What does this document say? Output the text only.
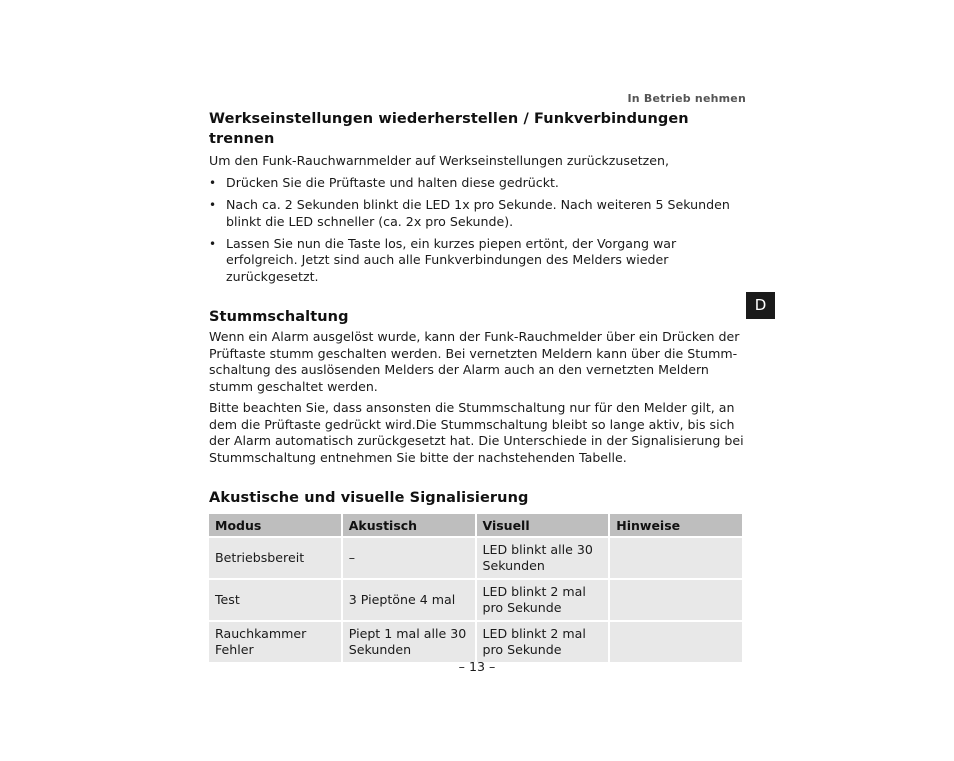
In Betrieb nehmen
D
Werkseinstellungen wiederherstellen / Funkverbindungen trennen

Um den Funk-Rauchwarnmelder auf Werkseinstellungen zurückzusetzen,

• Drücken Sie die Prüftaste und halten diese gedrückt.
• Nach ca. 2 Sekunden blinkt die LED 1x pro Sekunde. Nach weiteren 5 Sekunden blinkt die LED schneller (ca. 2x pro Sekunde).
• Lassen Sie nun die Taste los, ein kurzes piepen ertönt, der Vorgang war erfolgreich. Jetzt sind auch alle Funkverbindungen des Melders wieder zurückgesetzt.
Stummschaltung

Wenn ein Alarm ausgelöst wurde, kann der Funk-Rauchmelder über ein Drücken der Prüftaste stumm geschalten werden. Bei vernetzten Meldern kann über die Stumm- schaltung des auslösenden Melders der Alarm auch an den vernetzten Meldern stumm geschaltet werden.

Bitte beachten Sie, dass ansonsten die Stummschaltung nur für den Melder gilt, an dem die Prüftaste gedrückt wird.Die Stummschaltung bleibt so lange aktiv, bis sich der Alarm automatisch zurückgesetzt hat. Die Unterschiede in der Signalisierung bei Stummschaltung entnehmen Sie bitte der nachstehenden Tabelle.

Akustische und visuelle Signalisierung
Modus	Akustisch	Visuell	Hinweise
Betriebsbereit	–	LED blinkt alle 30 Sekunden	
Test	3 Pieptöne 4 mal	LED blinkt 2 mal pro Sekunde	
Rauchkammer Fehler	Piept 1 mal alle 30 Sekunden	LED blinkt 2 mal pro Sekunde	
– 13 –
